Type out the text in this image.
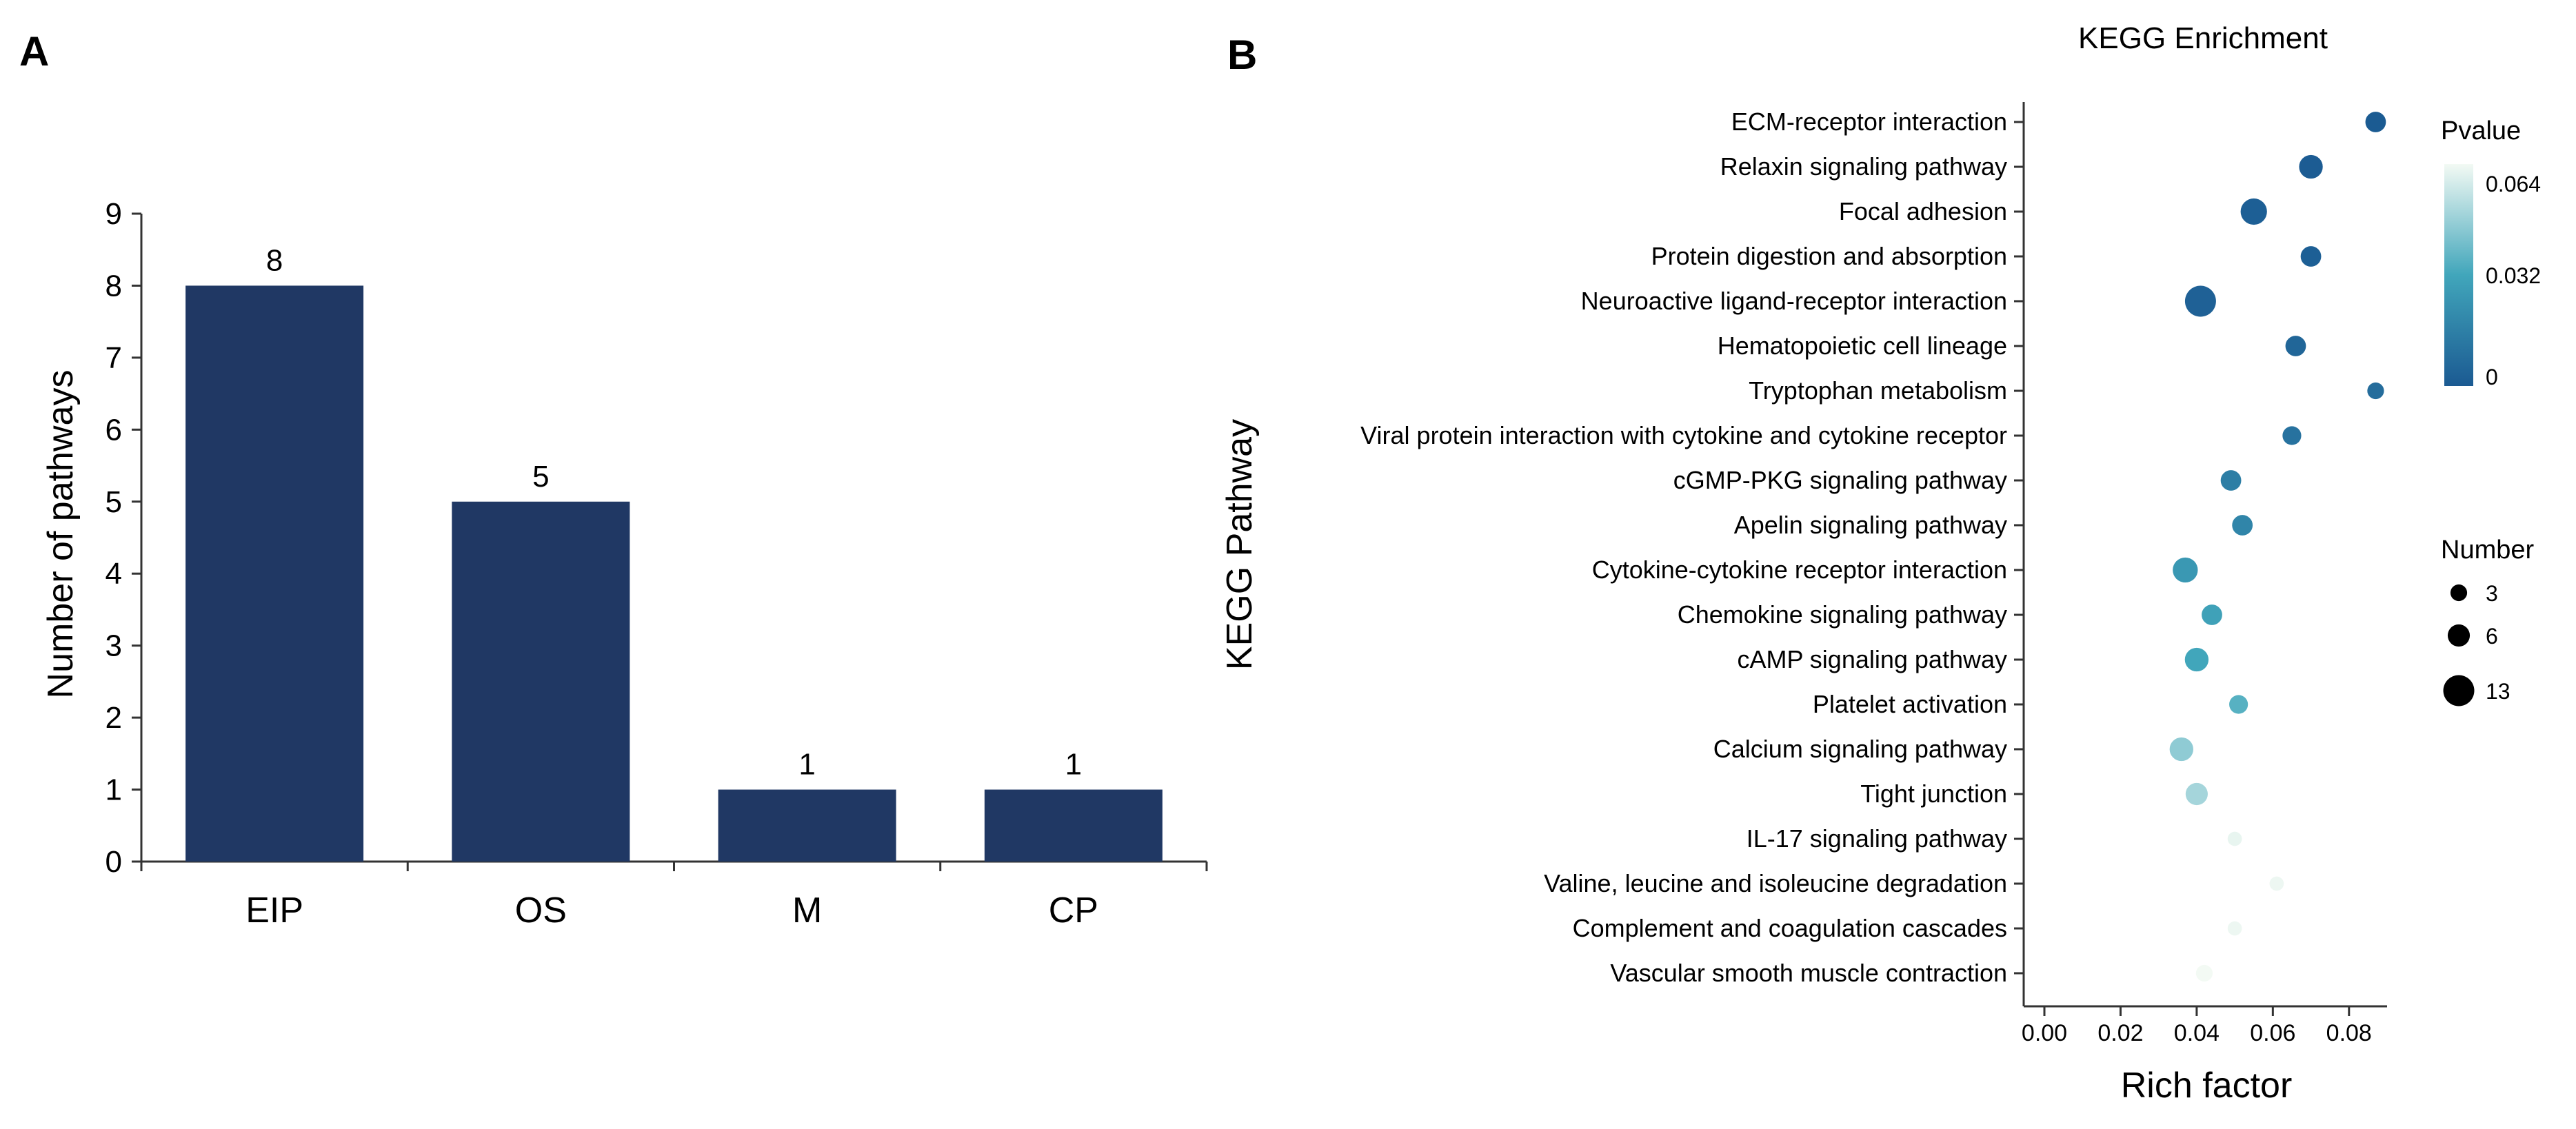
A	B
Number of pathways
0
1
2
3
4
5
6
7
8
9
8
5
1	1
EIP	OS	M	CP
KEGG Enrichment
KEGG Pathway
Rich factor
0.00 0.02 0.04 0.06 0.08
ECM-receptor interaction
Relaxin signaling pathway
Focal adhesion
Protein digestion and absorption
Neuroactive ligand-receptor interaction
Hematopoietic cell lineage
Tryptophan metabolism
Viral protein interaction with cytokine and cytokine receptor
cGMP-PKG signaling pathway
Apelin signaling pathway
Cytokine-cytokine receptor interaction
Chemokine signaling pathway
cAMP signaling pathway
Platelet activation
Calcium signaling pathway
Tight junction
IL-17 signaling pathway
Valine, leucine and isoleucine degradation
Complement and coagulation cascades
Vascular smooth muscle contraction
Pvalue
0.064
0.032
0
Number
3
6
13
